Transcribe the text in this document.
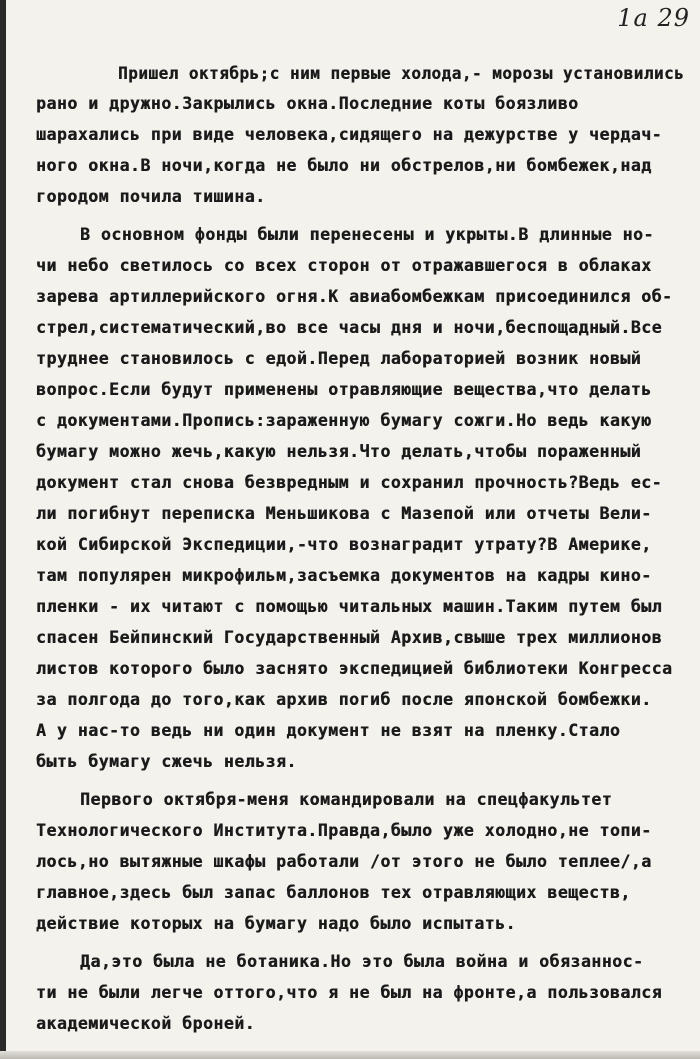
1a 29
Пришел октябрь;с ним первые холода,- морозы установились
рано и дружно.Закрылись окна.Последние коты боязливо
шарахались при виде человека,сидящего на дежурстве у чердач-
ного окна.В ночи,когда не было ни обстрелов,ни бомбежек,над
городом почила тишина.
В основном фонды были перенесены и укрыты.В длинные но-
чи небо светилось со всех сторон от отражавшегося в облаках
зарева артиллерийского огня.К авиабомбежкам присоединился об-
стрел,систематический,во все часы дня и ночи,беспощадный.Все
труднее становилось с едой.Перед лабораторией возник новый
вопрос.Если будут применены отравляющие вещества,что делать
с документами.Пропись:зараженную бумагу сожги.Но ведь какую
бумагу можно жечь,какую нельзя.Что делать,чтобы пораженный
документ стал снова безвредным и сохранил прочность?Ведь ес-
ли погибнут переписка Меньшикова с Мазепой или отчеты Вели-
кой Сибирской Экспедиции,-что вознаградит утрату?В Америке,
там популярен микрофильм,засъемка документов на кадры кино-
пленки - их читают с помощью читальных машин.Таким путем был
спасен Бейпинский Государственный Архив,свыше трех миллионов
листов которого было заснято экспедицией библиотеки Конгресса
за полгода до того,как архив погиб после японской бомбежки.
А у нас-то ведь ни один документ не взят на пленку.Стало
быть бумагу сжечь нельзя.
Первого октября-меня командировали на спецфакультет
Технологического Института.Правда,было уже холодно,не топи-
лось,но вытяжные шкафы работали /от этого не было теплее/,а
главное,здесь был запас баллонов тех отравляющих веществ,
действие которых на бумагу надо было испытать.
Да,это была не ботаника.Но это была война и обязаннос-
ти не были легче оттого,что я не был на фронте,а пользовался
академической броней.
